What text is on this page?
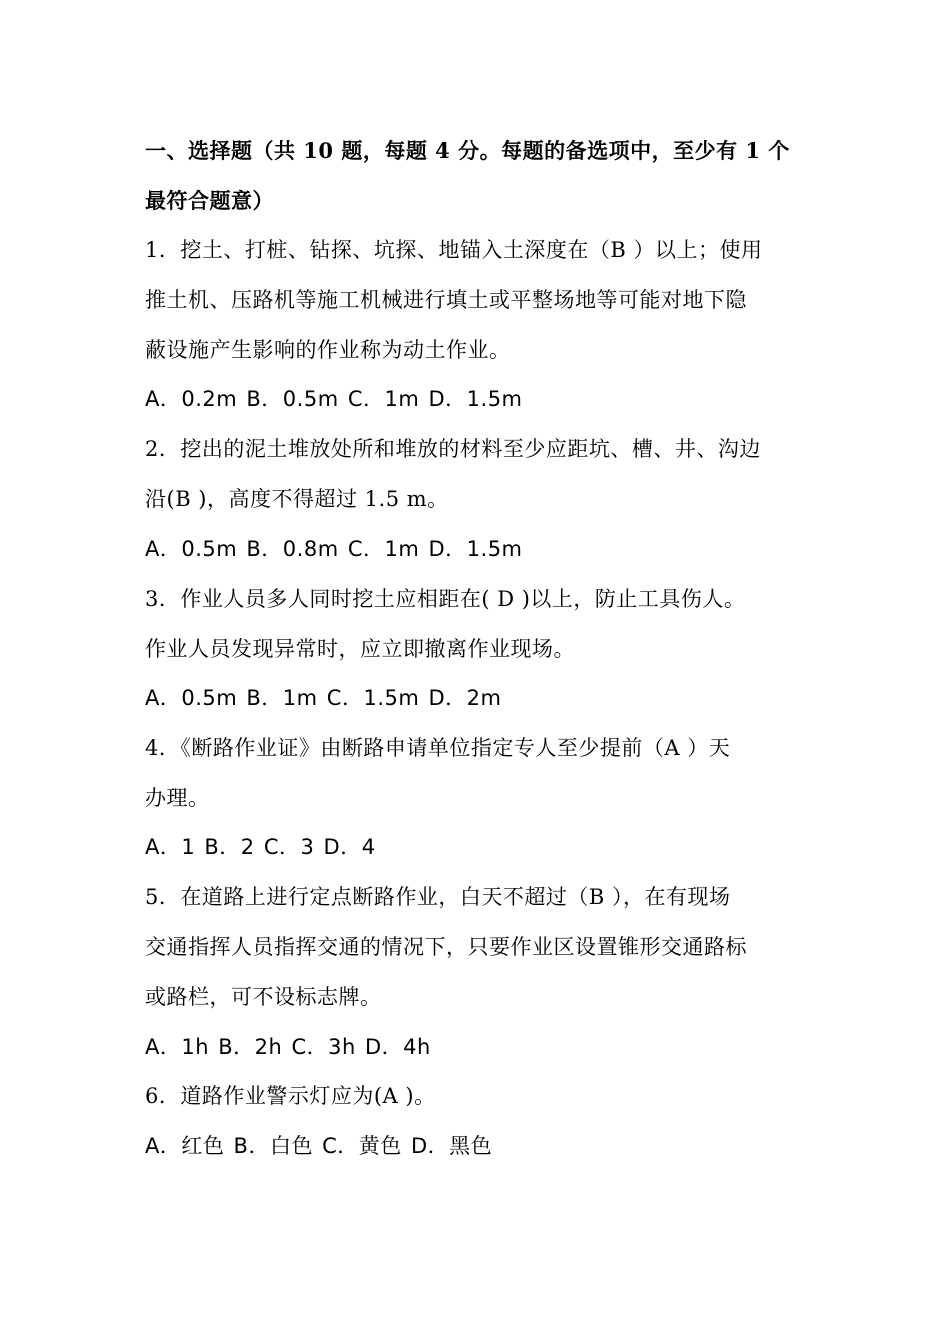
一、选择题（共 10 题，每题 4 分。每题的备选项中，至少有 1 个
最符合题意）
1．挖土、打桩、钻探、坑探、地锚入土深度在（B ）以上；使用
推土机、压路机等施工机械进行填土或平整场地等可能对地下隐
蔽设施产生影响的作业称为动土作业。
A．0.2m B．0.5m C．1m D．1.5m
2．挖出的泥土堆放处所和堆放的材料至少应距坑、槽、井、沟边
沿(B )，高度不得超过 1.5 m。
A．0.5m B．0.8m C．1m D．1.5m
3．作业人员多人同时挖土应相距在( D )以上，防止工具伤人。
作业人员发现异常时，应立即撤离作业现场。
A．0.5m B．1m C．1.5m D．2m
4．《断路作业证》由断路申请单位指定专人至少提前（A ）天
办理。
A．1 B．2 C．3 D．4
5．在道路上进行定点断路作业，白天不超过（B ），在有现场
交通指挥人员指挥交通的情况下，只要作业区设置锥形交通路标
或路栏，可不设标志牌。
A．1h B．2h C．3h D．4h
6．道路作业警示灯应为(A )。
A．红色 B．白色 C．黄色 D．黑色
